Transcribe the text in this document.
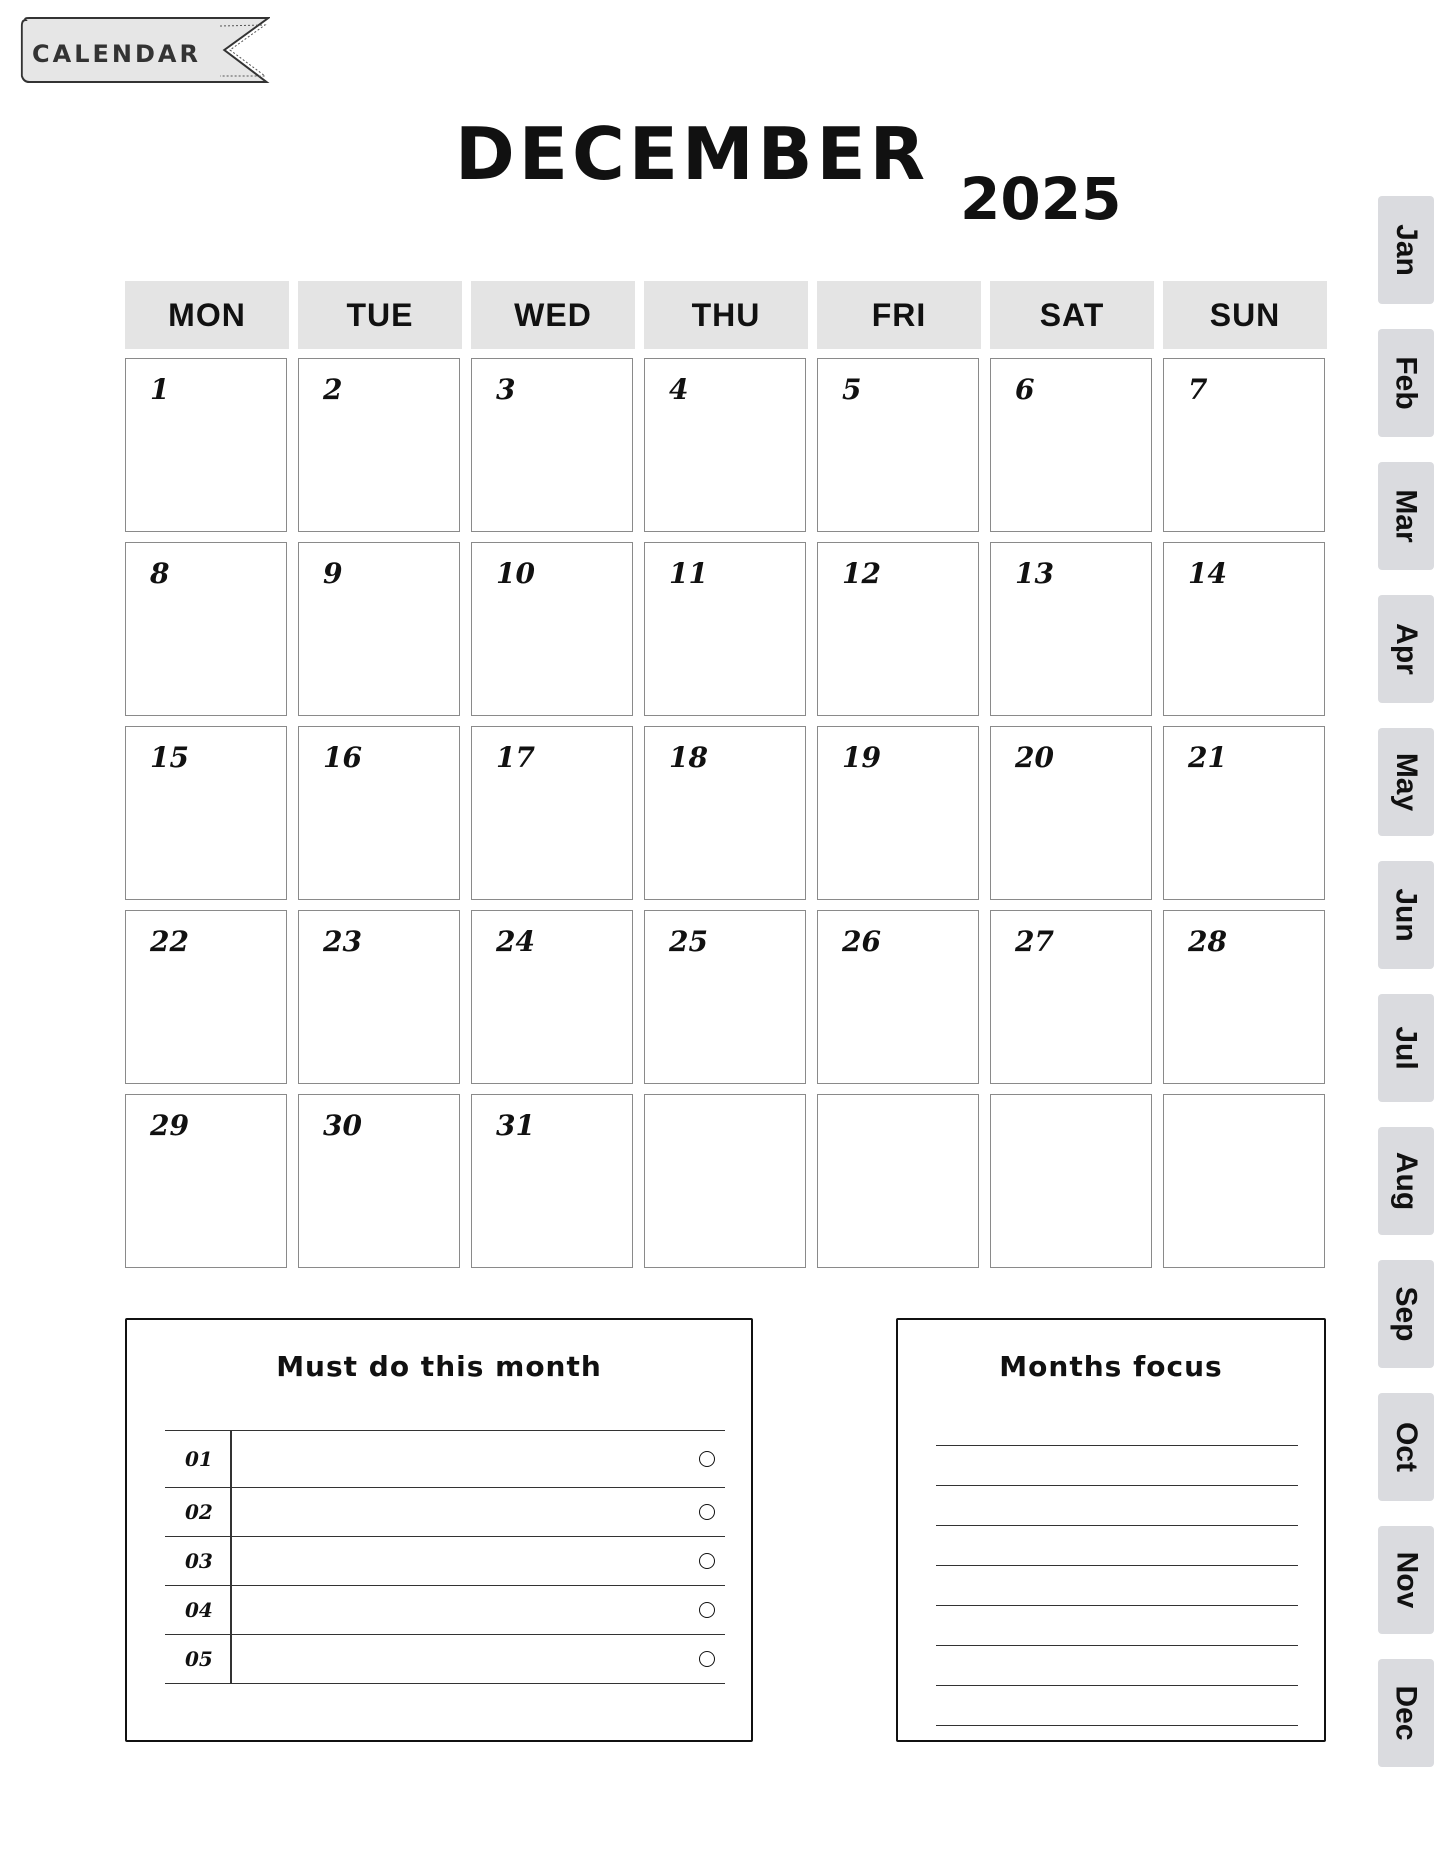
CALENDAR
DECEMBER
2025
MON	TUE	WED	THU	FRI	SAT	SUN
1	2	3	4	5	6	7
8	9	10	11	12	13	14
15	16	17	18	19	20	21
22	23	24	25	26	27	28
29	30	31
Jan
Feb
Mar
Apr
May
Jun
Jul
Aug
Sep
Oct
Nov
Dec
Must do this month
01
02
03
04
05
Months focus
